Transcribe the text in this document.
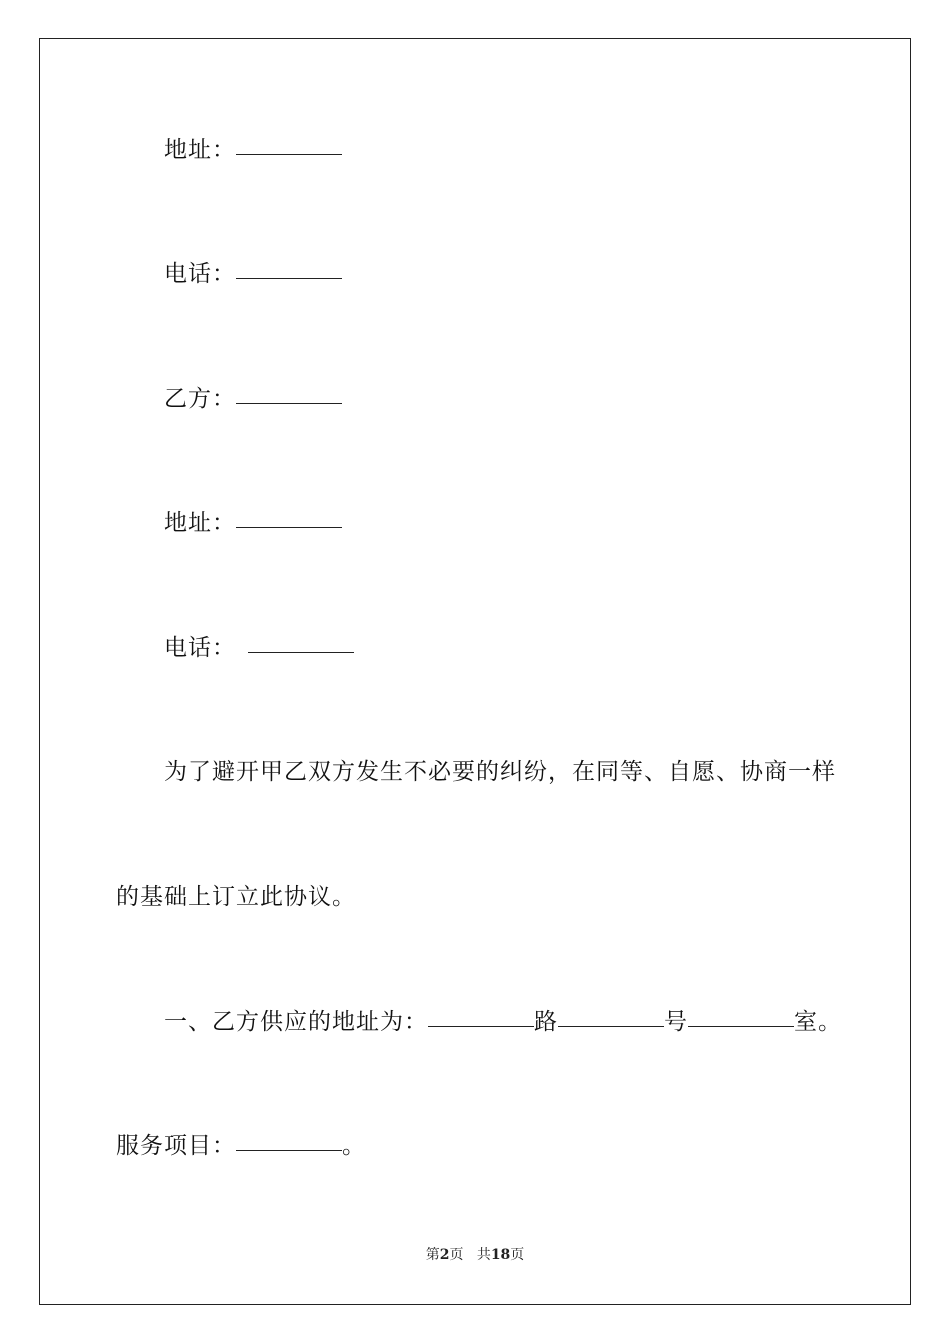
地址：
电话：
乙方：
地址：
电话：
为了避开甲乙双方发生不必要的纠纷，在同等、自愿、协商一样
的基础上订立此协议。
一、乙方供应的地址为：	路	号	室。
服务项目：	。
第2页 共18页
